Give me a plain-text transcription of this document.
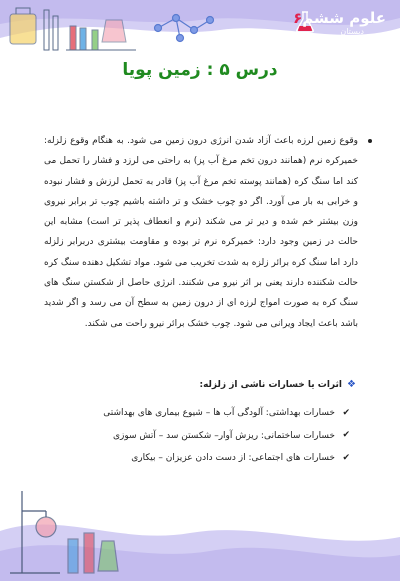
علوم ششم۶
دبستان
درس ۵ : زمین پویا
وقوع زمین لرزه باعث آزاد شدن انرژی درون زمین می شود. به هنگام وقوع زلزله: خمیرکره نرم (همانند درون تخم مرغ آب پز) به راحتی می لرزد و فشار را تحمل می کند اما سنگ کره (همانند پوسته تخم مرغ آب پز) قادر به تحمل لرزش و فشار نبوده و خرابی به بار می آورد. اگر دو چوب خشک و تر داشته باشیم چوب تر برابر نیروی وزن بیشتر خم شده و دیر تر می شکند (نرم و انعطاف پذیر تر است) مشابه این حالت در زمین وجود دارد: خمیرکره نرم تر بوده و مقاومت بیشتری دربرابر زلزله دارد اما سنگ کره برائر زلزه به شدت تخریب می شود. مواد تشکیل دهنده سنگ کره حالت شکننده دارند یعنی بر اثر نیرو می شکنند. انرژی حاصل از شکستن سنگ های سنگ کره به صورت امواج لرزه ای از درون زمین به سطح آن می رسد و اگر شدید باشد باعث ایجاد ویرانی می شود. چوب خشک برائر نیرو راحت می شکند.
❖
اثرات یا خسارات ناشی از زلزله:
✔
خسارات بهداشتی: آلودگی آب ها – شیوع بیماری های بهداشتی
✔
خسارات ساختمانی: ریزش آوار– شکستن سد – آتش سوزی
✔
خسارات های اجتماعی: از دست دادن عزیزان – بیکاری
